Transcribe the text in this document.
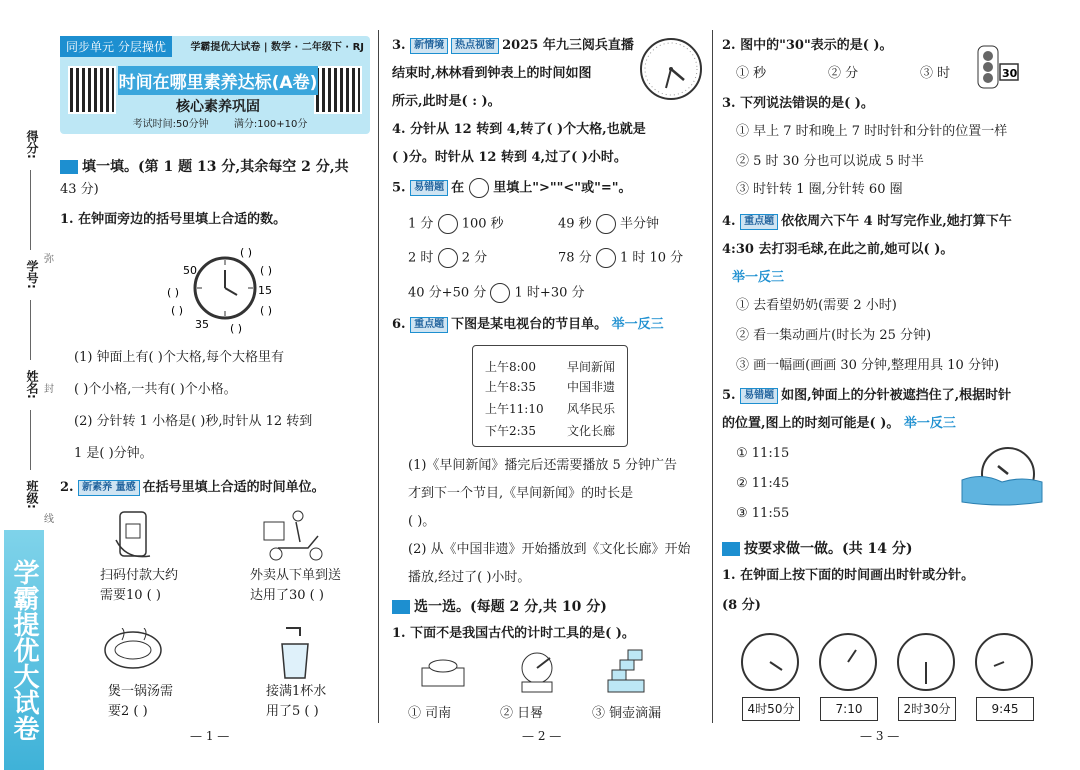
得分:
学号:
姓名:
班级:
弥
封
线
学霸提优大试卷
同步单元 分层操优	学霸提优大试卷 | 数学 · 二年级下 · RJ
时间在哪里素养达标(A卷)
核心素养巩固
考试时间:50分钟	满分:100+10分
填一填。(第 1 题 13 分,其余每空 2 分,共
43 分)
1. 在钟面旁边的括号里填上合适的数。
( )
50
( )
( )
15
( )
( )
35 ( )
(1) 钟面上有( )个大格,每个大格里有
( )个小格,一共有( )个小格。
(2) 分针转 1 小格是( )秒,时针从 12 转到
1 是( )分钟。
2. 新素养 量感 在括号里填上合适的时间单位。
扫码付款大约
需要10 ( )
外卖从下单到送
达用了30 ( )
煲一锅汤需
要2 ( )
接满1杯水
用了5 ( )
— 1 —
3. 新情境 热点视窗 2025 年九三阅兵直播
结束时,林林看到钟表上的时间如图
所示,此时是( : )。
4. 分针从 12 转到 4,转了( )个大格,也就是
( )分。时针从 12 转到 4,过了( )小时。
5. 易错题 在 里填上">""<"或"="。
1 分 100 秒	49 秒 半分钟
2 时 2 分	78 分 1 时 10 分
40 分+50 分 1 时+30 分
6. 重点题 下图是某电视台的节目单。 举一反三
上午8:00	早间新闻
上午8:35	中国非遗
上午11:10 风华民乐
下午2:35	文化长廊
(1)《早间新闻》播完后还需要播放 5 分钟广告
才到下一个节目,《早间新闻》的时长是
( )。
(2) 从《中国非遗》开始播放到《文化长廊》开始
播放,经过了( )小时。
选一选。(每题 2 分,共 10 分)
1. 下面不是我国古代的计时工具的是( )。
① 司南	② 日晷	③ 铜壶滴漏
— 2 —
2. 图中的"30"表示的是( )。
① 秒	② 分	③ 时	30
3. 下列说法错误的是( )。
① 早上 7 时和晚上 7 时时针和分针的位置一样
② 5 时 30 分也可以说成 5 时半
③ 时针转 1 圈,分针转 60 圈
4. 重点题 依依周六下午 4 时写完作业,她打算下午
4:30 去打羽毛球,在此之前,她可以( )。
举一反三
① 去看望奶奶(需要 2 小时)
② 看一集动画片(时长为 25 分钟)
③ 画一幅画(画画 30 分钟,整理用具 10 分钟)
5. 易错题 如图,钟面上的分针被遮挡住了,根据时针
的位置,图上的时刻可能是( )。 举一反三
① 11:15
② 11:45
③ 11:55
按要求做一做。(共 14 分)
1. 在钟面上按下面的时间画出时针或分针。
(8 分)
4时50分	7:10	2时30分	9:45
— 3 —
